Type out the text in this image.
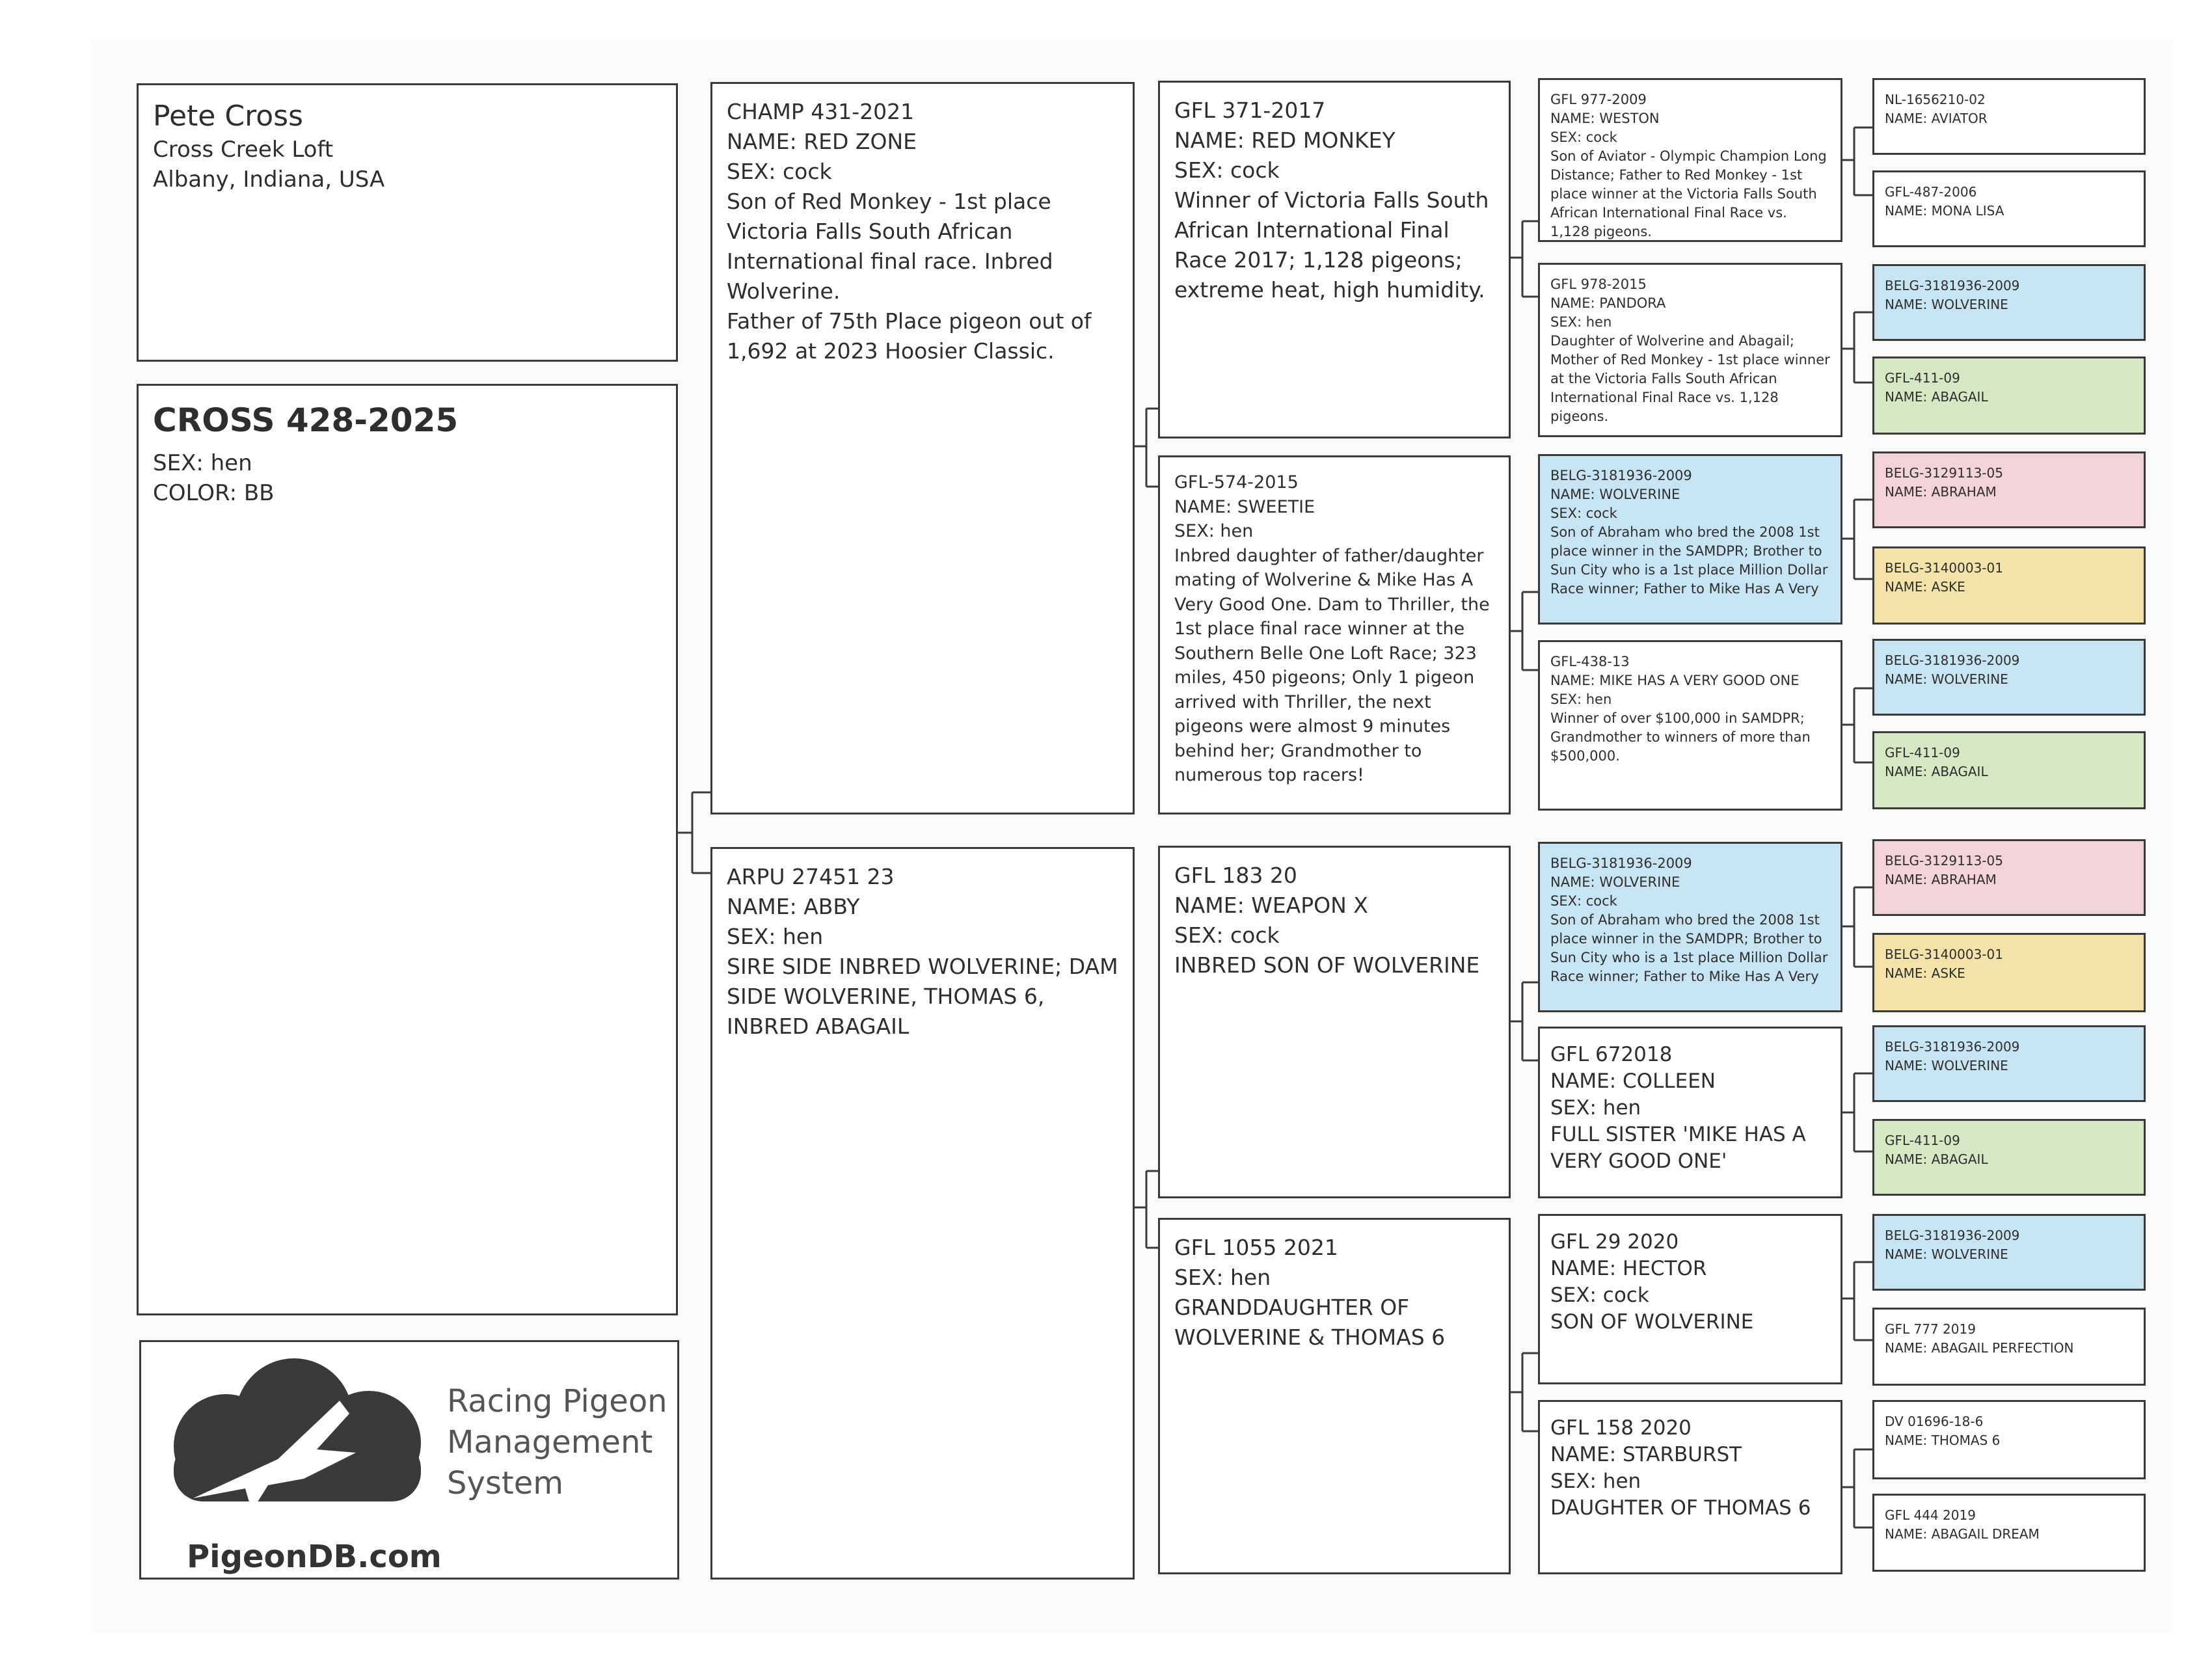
Pete Cross
Cross Creek Loft
Albany, Indiana, USA
CROSS 428-2025
SEX: hen
COLOR: BB
Racing Pigeon
Management
System
PigeonDB.com
CHAMP 431-2021
NAME: RED ZONE
SEX: cock
Son of Red Monkey - 1st place Victoria Falls South African International final race. Inbred Wolverine.
Father of 75th Place pigeon out of 1,692 at 2023 Hoosier Classic.
ARPU 27451 23
NAME: ABBY
SEX: hen
SIRE SIDE INBRED WOLVERINE; DAM SIDE WOLVERINE, THOMAS 6, INBRED ABAGAIL
GFL 371-2017
NAME: RED MONKEY
SEX: cock
Winner of Victoria Falls South African International Final Race 2017; 1,128 pigeons; extreme heat, high humidity.
GFL-574-2015
NAME: SWEETIE
SEX: hen
Inbred daughter of father/daughter mating of Wolverine & Mike Has A Very Good One. Dam to Thriller, the 1st place final race winner at the Southern Belle One Loft Race; 323 miles, 450 pigeons; Only 1 pigeon arrived with Thriller, the next pigeons were almost 9 minutes behind her; Grandmother to numerous top racers!
GFL 183 20
NAME: WEAPON X
SEX: cock
INBRED SON OF WOLVERINE
GFL 1055 2021
SEX: hen
GRANDDAUGHTER OF WOLVERINE & THOMAS 6
GFL 977-2009
NAME: WESTON
SEX: cock
Son of Aviator - Olympic Champion Long Distance; Father to Red Monkey - 1st place winner at the Victoria Falls South African International Final Race vs. 1,128 pigeons.
GFL 978-2015
NAME: PANDORA
SEX: hen
Daughter of Wolverine and Abagail; Mother of Red Monkey - 1st place winner at the Victoria Falls South African International Final Race vs. 1,128 pigeons.
BELG-3181936-2009
NAME: WOLVERINE
SEX: cock
Son of Abraham who bred the 2008 1st place winner in the SAMDPR; Brother to Sun City who is a 1st place Million Dollar Race winner; Father to Mike Has A Very
GFL-438-13
NAME: MIKE HAS A VERY GOOD ONE
SEX: hen
Winner of over $100,000 in SAMDPR; Grandmother to winners of more than $500,000.
BELG-3181936-2009
NAME: WOLVERINE
SEX: cock
Son of Abraham who bred the 2008 1st place winner in the SAMDPR; Brother to Sun City who is a 1st place Million Dollar Race winner; Father to Mike Has A Very
GFL 672018
NAME: COLLEEN
SEX: hen
FULL SISTER 'MIKE HAS A VERY GOOD ONE'
GFL 29 2020
NAME: HECTOR
SEX: cock
SON OF WOLVERINE
GFL 158 2020
NAME: STARBURST
SEX: hen
DAUGHTER OF THOMAS 6
NL-1656210-02
NAME: AVIATOR
GFL-487-2006
NAME: MONA LISA
BELG-3181936-2009
NAME: WOLVERINE
GFL-411-09
NAME: ABAGAIL
BELG-3129113-05
NAME: ABRAHAM
BELG-3140003-01
NAME: ASKE
BELG-3181936-2009
NAME: WOLVERINE
GFL-411-09
NAME: ABAGAIL
BELG-3129113-05
NAME: ABRAHAM
BELG-3140003-01
NAME: ASKE
BELG-3181936-2009
NAME: WOLVERINE
GFL-411-09
NAME: ABAGAIL
BELG-3181936-2009
NAME: WOLVERINE
GFL 777 2019
NAME: ABAGAIL PERFECTION
DV 01696-18-6
NAME: THOMAS 6
GFL 444 2019
NAME: ABAGAIL DREAM
